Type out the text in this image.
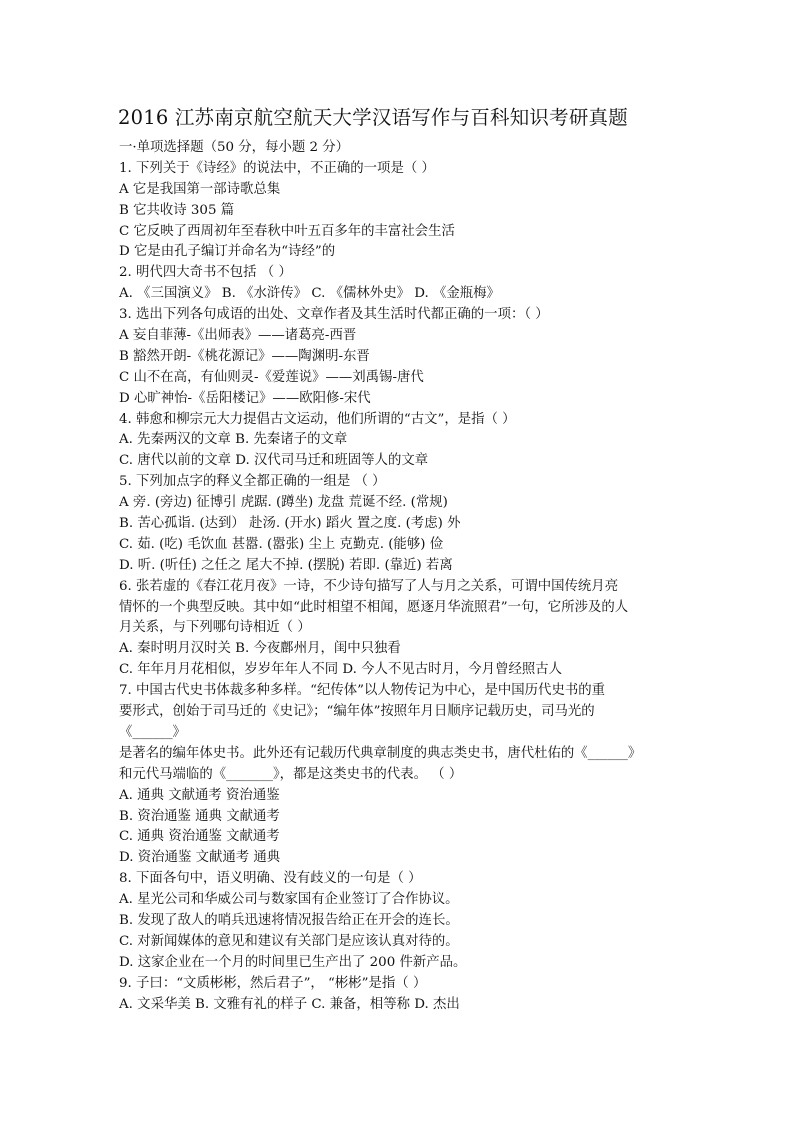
2016 江苏南京航空航天大学汉语写作与百科知识考研真题
一·单项选择题（50 分，每小题 2 分）
1. 下列关于《诗经》的说法中，不正确的一项是（ ）
A 它是我国第一部诗歌总集
B 它共收诗 305 篇
C 它反映了西周初年至春秋中叶五百多年的丰富社会生活
D 它是由孔子编订并命名为“诗经”的
2. 明代四大奇书不包括 （ ）
A. 《三国演义》 B. 《水浒传》 C. 《儒林外史》 D. 《金瓶梅》
3. 选出下列各句成语的出处、文章作者及其生活时代都正确的一项：（ ）
A 妄自菲薄-《出师表》——诸葛亮-西晋
B 豁然开朗-《桃花源记》——陶渊明-东晋
C 山不在高，有仙则灵-《爱莲说》——刘禹锡-唐代
D 心旷神怡-《岳阳楼记》——欧阳修-宋代
4. 韩愈和柳宗元大力提倡古文运动，他们所谓的“古文”，是指（ ）
A. 先秦两汉的文章 B. 先秦诸子的文章
C. 唐代以前的文章 D. 汉代司马迁和班固等人的文章
5. 下列加点字的释义全都正确的一组是 （ ）
A 旁. (旁边) 征博引 虎踞. (蹲坐) 龙盘 荒诞不经. (常规)
B. 苦心孤诣. (达到） 赴汤. (开水) 蹈火 置之度. (考虑) 外
C. 茹. (吃) 毛饮血 甚嚣. (嚣张) 尘上 克勤克. (能够) 俭
D. 听. (听任) 之任之 尾大不掉. (摆脱) 若即. (靠近) 若离
6. 张若虚的《春江花月夜》一诗，不少诗句描写了人与月之关系，可谓中国传统月亮
情怀的一个典型反映。其中如“此时相望不相闻，愿逐月华流照君”一句，它所涉及的人
月关系，与下列哪句诗相近（ ）
A. 秦时明月汉时关 B. 今夜鄜州月，闺中只独看
C. 年年月月花相似，岁岁年年人不同 D. 今人不见古时月，今月曾经照古人
7. 中国古代史书体裁多种多样。“纪传体”以人物传记为中心，是中国历代史书的重
要形式，创始于司马迁的《史记》；“编年体”按照年月日顺序记载历史，司马光的
《______》
是著名的编年体史书。此外还有记载历代典章制度的典志类史书，唐代杜佑的《______》
和元代马端临的《_______》，都是这类史书的代表。 （ ）
A. 通典 文献通考 资治通鉴
B. 资治通鉴 通典 文献通考
C. 通典 资治通鉴 文献通考
D. 资治通鉴 文献通考 通典
8. 下面各句中，语义明确、没有歧义的一句是（ ）
A. 星光公司和华威公司与数家国有企业签订了合作协议。
B. 发现了敌人的哨兵迅速将情况报告给正在开会的连长。
C. 对新闻媒体的意见和建议有关部门是应该认真对待的。
D. 这家企业在一个月的时间里已生产出了 200 件新产品。
9. 子曰：“文质彬彬，然后君子”， “彬彬”是指（ ）
A. 文采华美 B. 文雅有礼的样子 C. 兼备，相等称 D. 杰出
